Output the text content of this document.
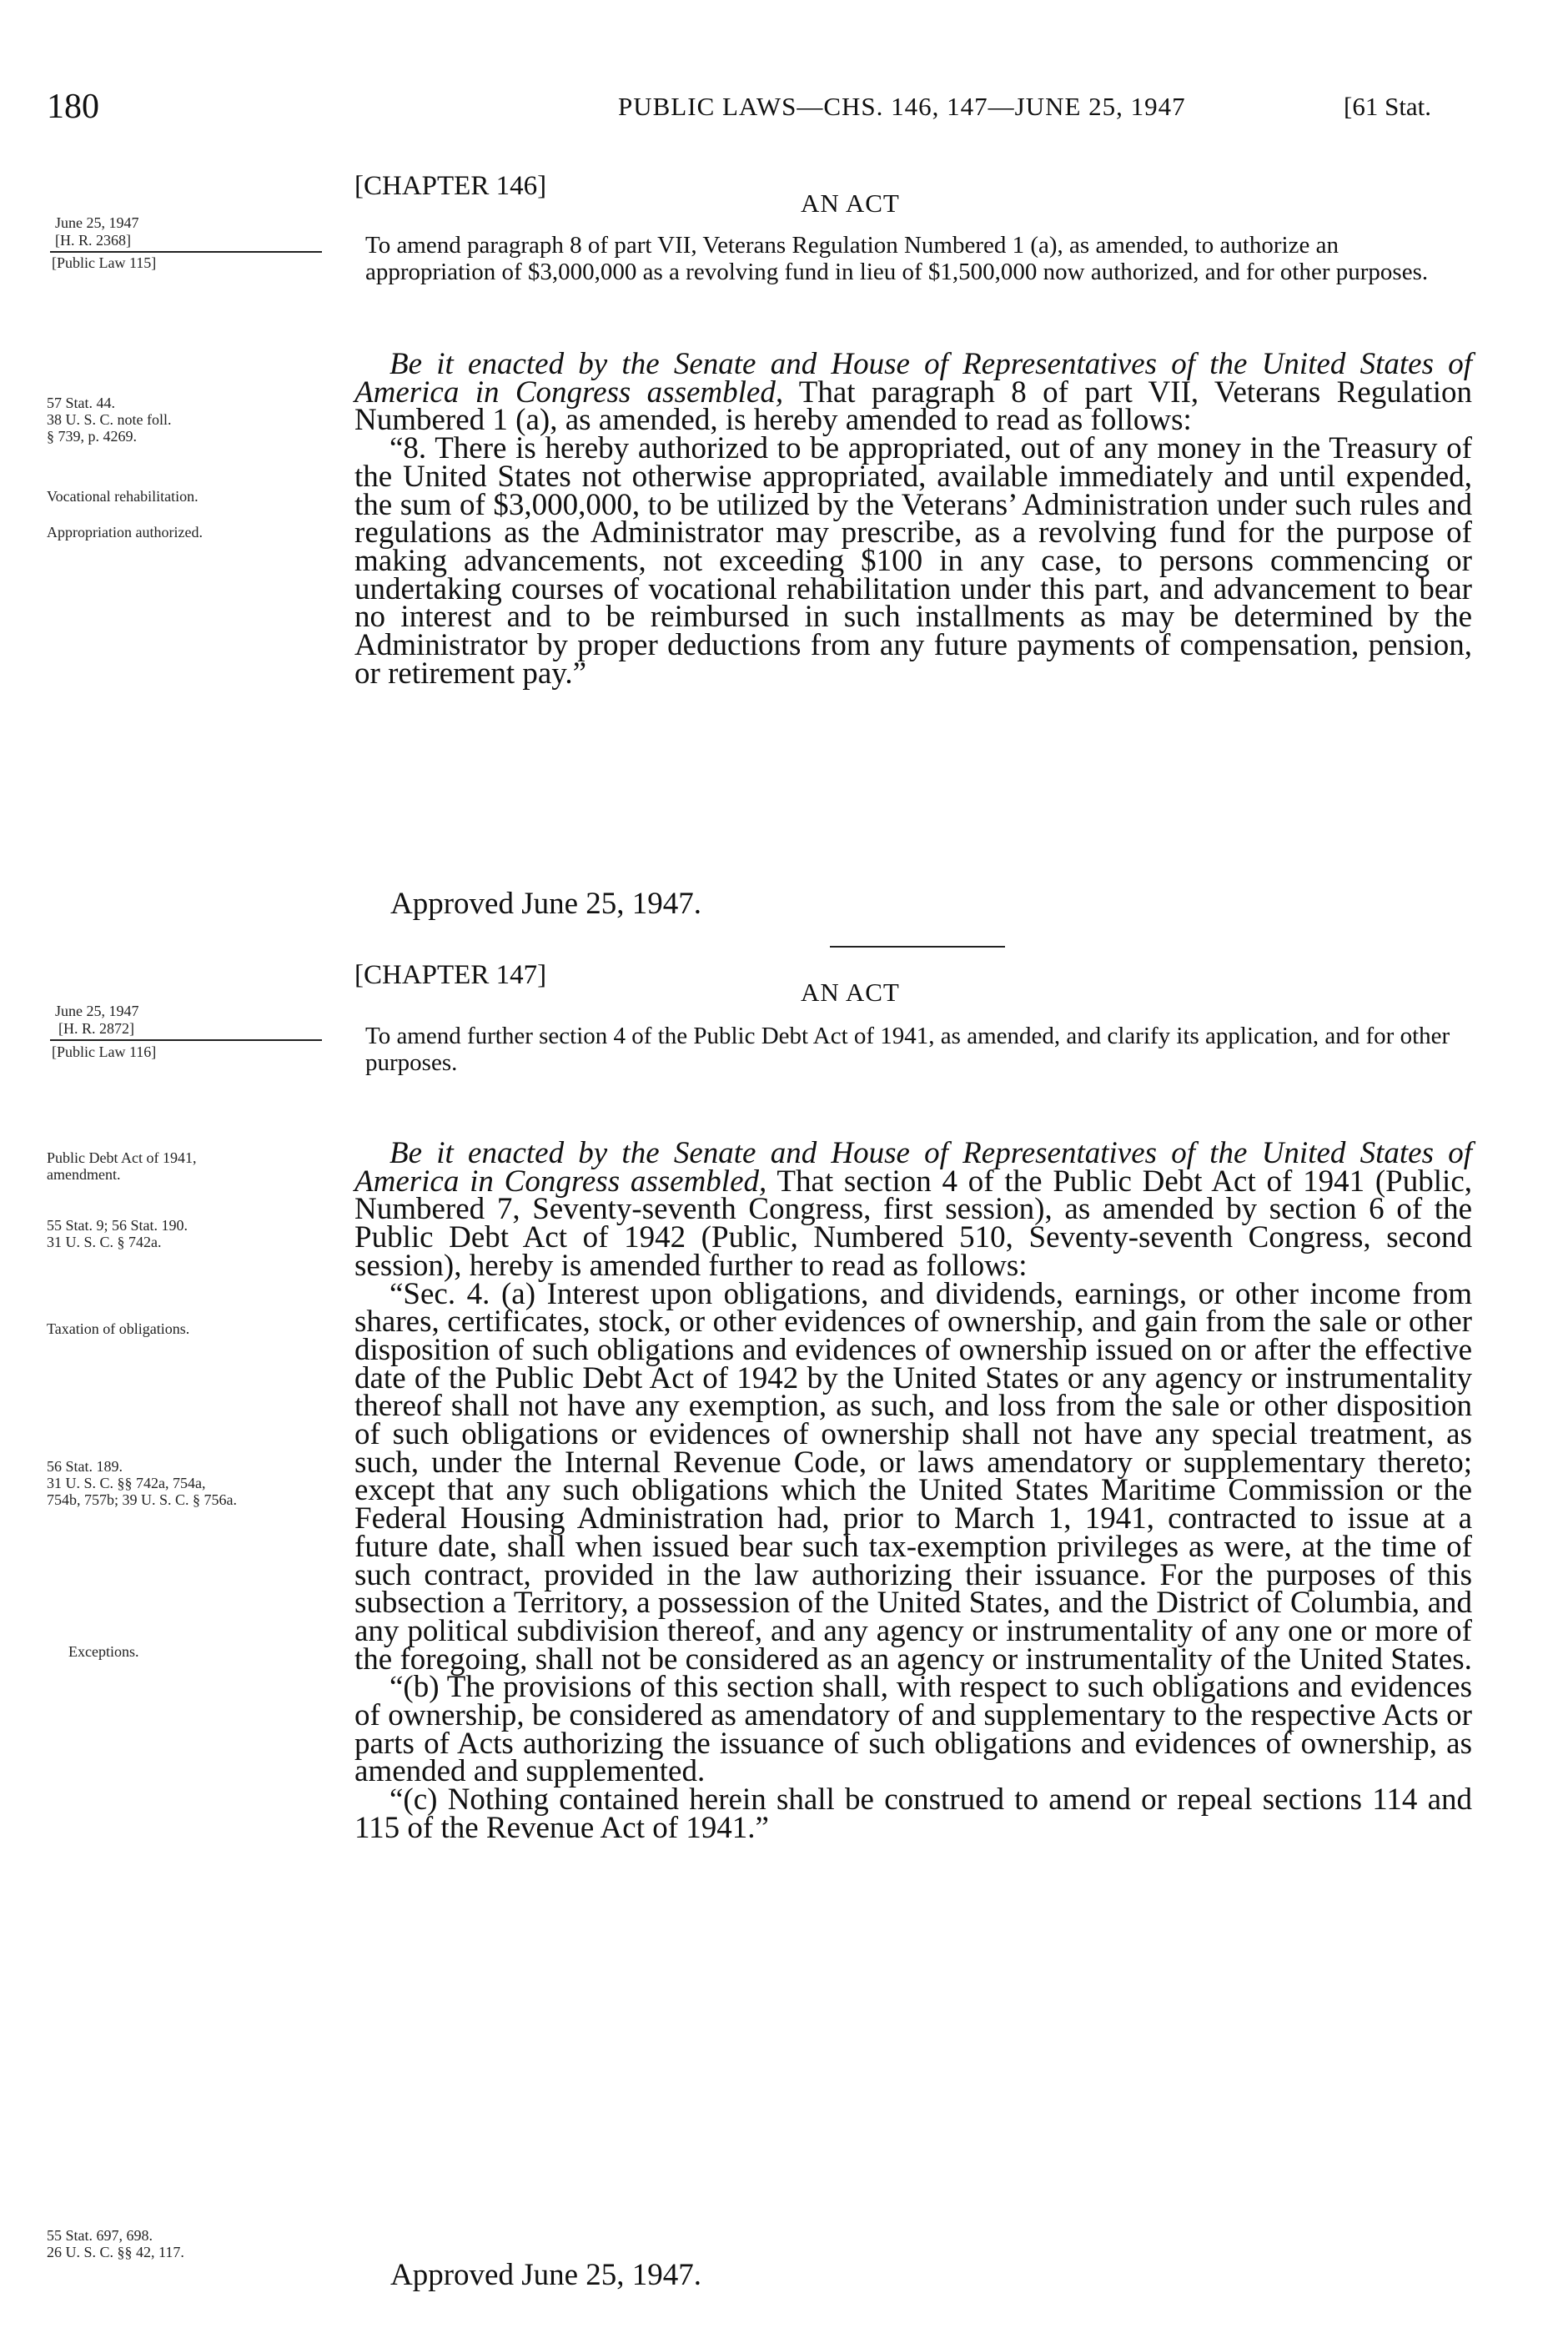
180	PUBLIC LAWS—CHS. 146, 147—JUNE 25, 1947	[61 Stat.
[CHAPTER 146]
AN ACT
June 25, 1947
[H. R. 2368]
[Public Law 115]
To amend paragraph 8 of part VII, Veterans Regulation Numbered 1 (a), as amended, to authorize an appropriation of $3,000,000 as a revolving fund in lieu of $1,500,000 now authorized, and for other purposes.
57 Stat. 44.
38 U. S. C. note foll.
§ 739, p. 4269.
Vocational rehabilitation.
Appropriation authorized.

Be it enacted by the Senate and House of Representatives of the United States of America in Congress assembled, That paragraph 8 of part VII, Veterans Regulation Numbered 1 (a), as amended, is hereby amended to read as follows:

“8. There is hereby authorized to be appropriated, out of any money in the Treasury of the United States not otherwise appropriated, available immediately and until expended, the sum of $3,000,000, to be utilized by the Veterans’ Administration under such rules and regulations as the Administrator may prescribe, as a revolving fund for the purpose of making advancements, not exceeding $100 in any case, to persons commencing or undertaking courses of vocational rehabilitation under this part, and advancement to bear no interest and to be reimbursed in such installments as may be determined by the Administrator by proper deductions from any future payments of compensation, pension, or retirement pay.”

Approved June 25, 1947.
[CHAPTER 147]
AN ACT
June 25, 1947
[H. R. 2872]
[Public Law 116]
To amend further section 4 of the Public Debt Act of 1941, as amended, and clarify its application, and for other purposes.
Public Debt Act of 1941, amendment.
55 Stat. 9; 56 Stat. 190.
31 U. S. C. § 742a.
Taxation of obligations.
56 Stat. 189.
31 U. S. C. §§ 742a, 754a, 754b, 757b; 39 U. S. C. § 756a.
Exceptions.
55 Stat. 697, 698.
26 U. S. C. §§ 42, 117.

Be it enacted by the Senate and House of Representatives of the United States of America in Congress assembled, That section 4 of the Public Debt Act of 1941 (Public, Numbered 7, Seventy-seventh Congress, first session), as amended by section 6 of the Public Debt Act of 1942 (Public, Numbered 510, Seventy-seventh Congress, second session), hereby is amended further to read as follows:

“Sec. 4. (a) Interest upon obligations, and dividends, earnings, or other income from shares, certificates, stock, or other evidences of ownership, and gain from the sale or other disposition of such obligations and evidences of ownership issued on or after the effective date of the Public Debt Act of 1942 by the United States or any agency or instrumentality thereof shall not have any exemption, as such, and loss from the sale or other disposition of such obligations or evidences of ownership shall not have any special treatment, as such, under the Internal Revenue Code, or laws amendatory or supplementary thereto; except that any such obligations which the United States Maritime Commission or the Federal Housing Administration had, prior to March 1, 1941, contracted to issue at a future date, shall when issued bear such tax-exemption privileges as were, at the time of such contract, provided in the law authorizing their issuance. For the purposes of this subsection a Territory, a possession of the United States, and the District of Columbia, and any political subdivision thereof, and any agency or instrumentality of any one or more of the foregoing, shall not be considered as an agency or instrumentality of the United States.

“(b) The provisions of this section shall, with respect to such obligations and evidences of ownership, be considered as amendatory of and supplementary to the respective Acts or parts of Acts authorizing the issuance of such obligations and evidences of ownership, as amended and supplemented.

“(c) Nothing contained herein shall be construed to amend or repeal sections 114 and 115 of the Revenue Act of 1941.”

Approved June 25, 1947.
